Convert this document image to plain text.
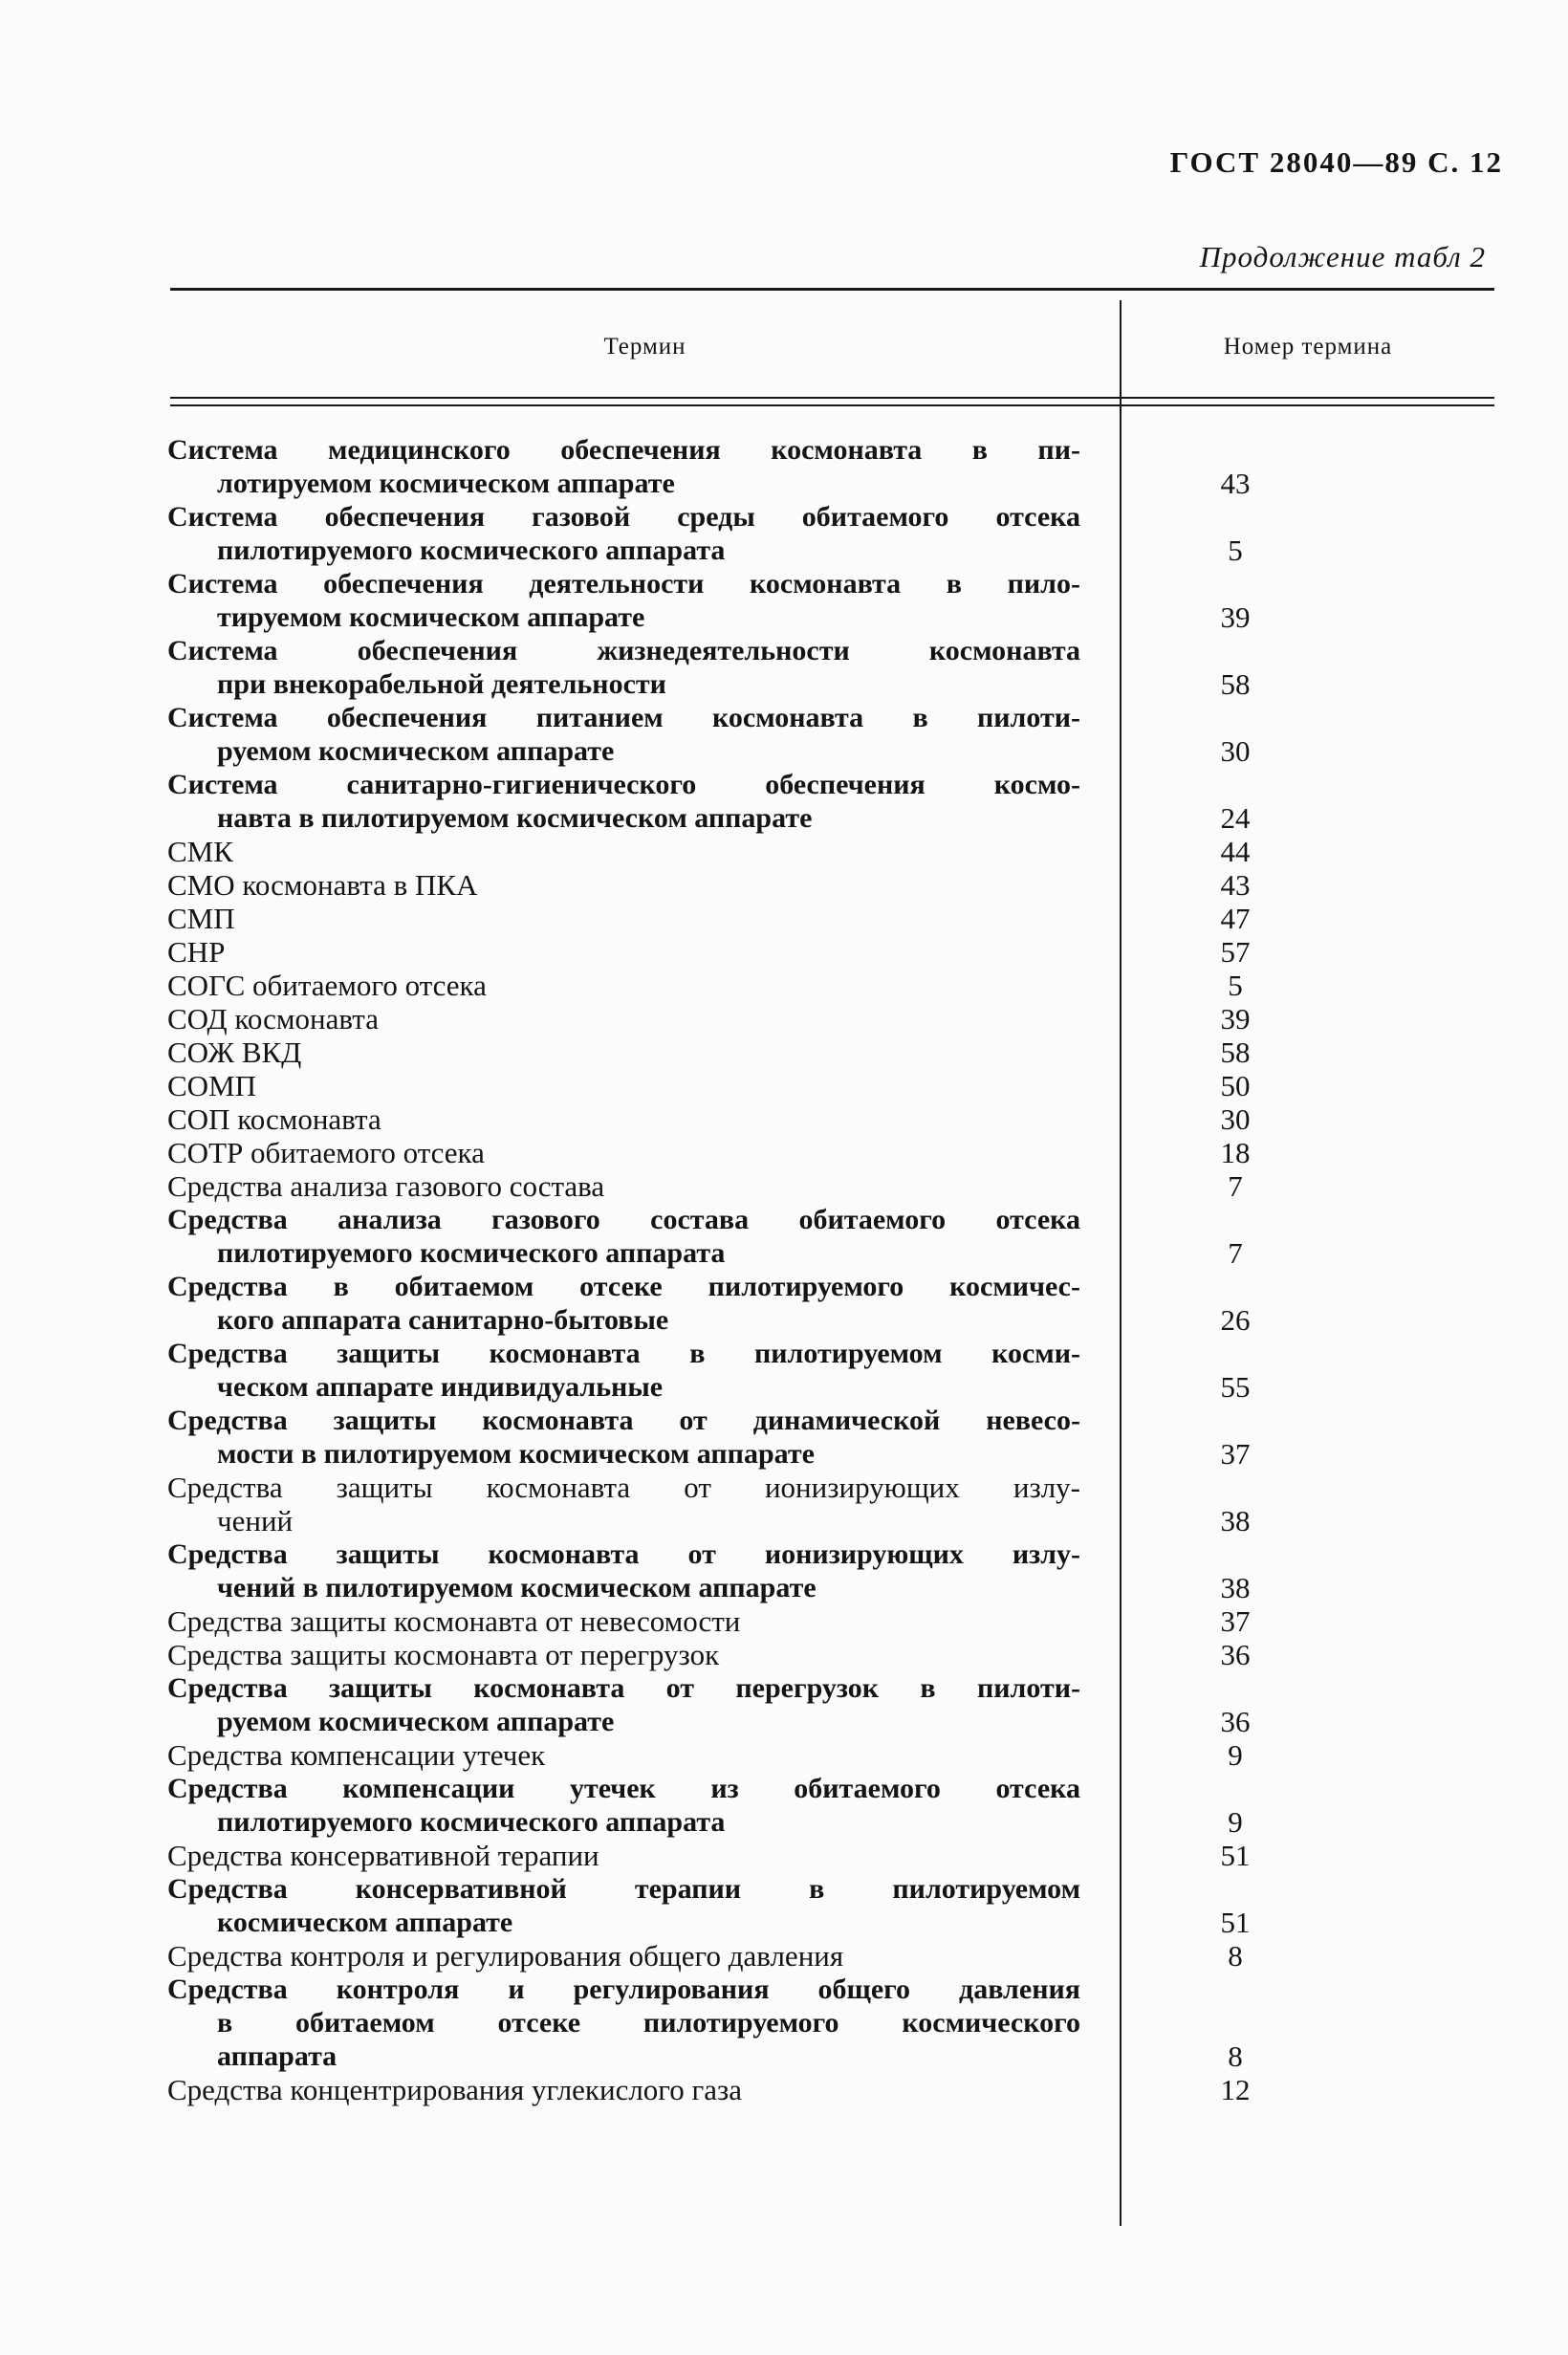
ГОСТ 28040—89 С. 12
Продолжение табл 2
Термин	Номер термина
Система медицинского обеспечения космонавта в пи-
лотируемом космическом аппарате	43
Система обеспечения газовой среды обитаемого отсека
пилотируемого космического аппарата	5
Система обеспечения деятельности космонавта в пило-
тируемом космическом аппарате	39
Система обеспечения жизнедеятельности космонавта
при внекорабельной деятельности	58
Система обеспечения питанием космонавта в пилоти-
руемом космическом аппарате	30
Система санитарно-гигиенического обеспечения космо-
навта в пилотируемом космическом аппарате	24
СМК	44
СМО космонавта в ПКА	43
СМП	47
СНР	57
СОГС обитаемого отсека	5
СОД космонавта	39
СОЖ ВКД	58
СОМП	50
СОП космонавта	30
СОТР обитаемого отсека	18
Средства анализа газового состава	7
Средства анализа газового состава обитаемого отсека
пилотируемого космического аппарата	7
Средства в обитаемом отсеке пилотируемого космичес-
кого аппарата санитарно-бытовые	26
Средства защиты космонавта в пилотируемом косми-
ческом аппарате индивидуальные	55
Средства защиты космонавта от динамической невесо-
мости в пилотируемом космическом аппарате	37
Средства защиты космонавта от ионизирующих излу-
чений	38
Средства защиты космонавта от ионизирующих излу-
чений в пилотируемом космическом аппарате	38
Средства защиты космонавта от невесомости	37
Средства защиты космонавта от перегрузок	36
Средства защиты космонавта от перегрузок в пилоти-
руемом космическом аппарате	36
Средства компенсации утечек	9
Средства компенсации утечек из обитаемого отсека
пилотируемого космического аппарата	9
Средства консервативной терапии	51
Средства консервативной терапии в пилотируемом
космическом аппарате	51
Средства контроля и регулирования общего давления	8
Средства контроля и регулирования общего давления
в обитаемом отсеке пилотируемого космического
аппарата	8
Средства концентрирования углекислого газа	12
